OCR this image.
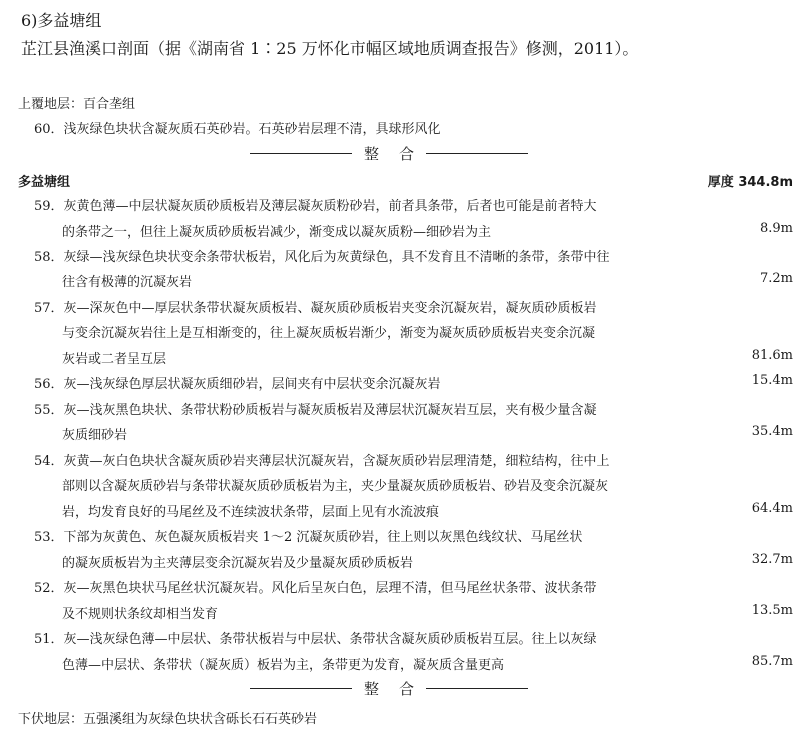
6)多益塘组
芷江县渔溪口剖面（据《湖南省 1∶25 万怀化市幅区域地质调查报告》修测，2011）。
上覆地层：百合垄组
60．浅灰绿色块状含凝灰质石英砂岩。石英砂岩层理不清，具球形风化
整合
多益塘组	厚度 344.8m
59．灰黄色薄—中层状凝灰质砂质板岩及薄层凝灰质粉砂岩，前者具条带，后者也可能是前者特大
的条带之一，但往上凝灰质砂质板岩减少，渐变成以凝灰质粉—细砂岩为主	8.9m
58．灰绿—浅灰绿色块状变余条带状板岩，风化后为灰黄绿色，具不发育且不清晰的条带，条带中往
往含有极薄的沉凝灰岩	7.2m
57．灰—深灰色中—厚层状条带状凝灰质板岩、凝灰质砂质板岩夹变余沉凝灰岩，凝灰质砂质板岩
与变余沉凝灰岩往上是互相渐变的，往上凝灰质板岩渐少，渐变为凝灰质砂质板岩夹变余沉凝
灰岩或二者呈互层	81.6m
56．灰—浅灰绿色厚层状凝灰质细砂岩，层间夹有中层状变余沉凝灰岩	15.4m
55．灰—浅灰黑色块状、条带状粉砂质板岩与凝灰质板岩及薄层状沉凝灰岩互层，夹有极少量含凝
灰质细砂岩	35.4m
54．灰黄—灰白色块状含凝灰质砂岩夹薄层状沉凝灰岩，含凝灰质砂岩层理清楚，细粒结构，往中上
部则以含凝灰质砂岩与条带状凝灰质砂质板岩为主，夹少量凝灰质砂质板岩、砂岩及变余沉凝灰
岩，均发育良好的马尾丝及不连续波状条带，层面上见有水流波痕	64.4m
53．下部为灰黄色、灰色凝灰质板岩夹 1～2 沉凝灰质砂岩，往上则以灰黑色线纹状、马尾丝状
的凝灰质板岩为主夹薄层变余沉凝灰岩及少量凝灰质砂质板岩	32.7m
52．灰—灰黑色块状马尾丝状沉凝灰岩。风化后呈灰白色，层理不清，但马尾丝状条带、波状条带
及不规则状条纹却相当发育	13.5m
51．灰—浅灰绿色薄—中层状、条带状板岩与中层状、条带状含凝灰质砂质板岩互层。往上以灰绿
色薄—中层状、条带状（凝灰质）板岩为主，条带更为发育，凝灰质含量更高	85.7m
整合
下伏地层：五强溪组为灰绿色块状含砾长石石英砂岩
